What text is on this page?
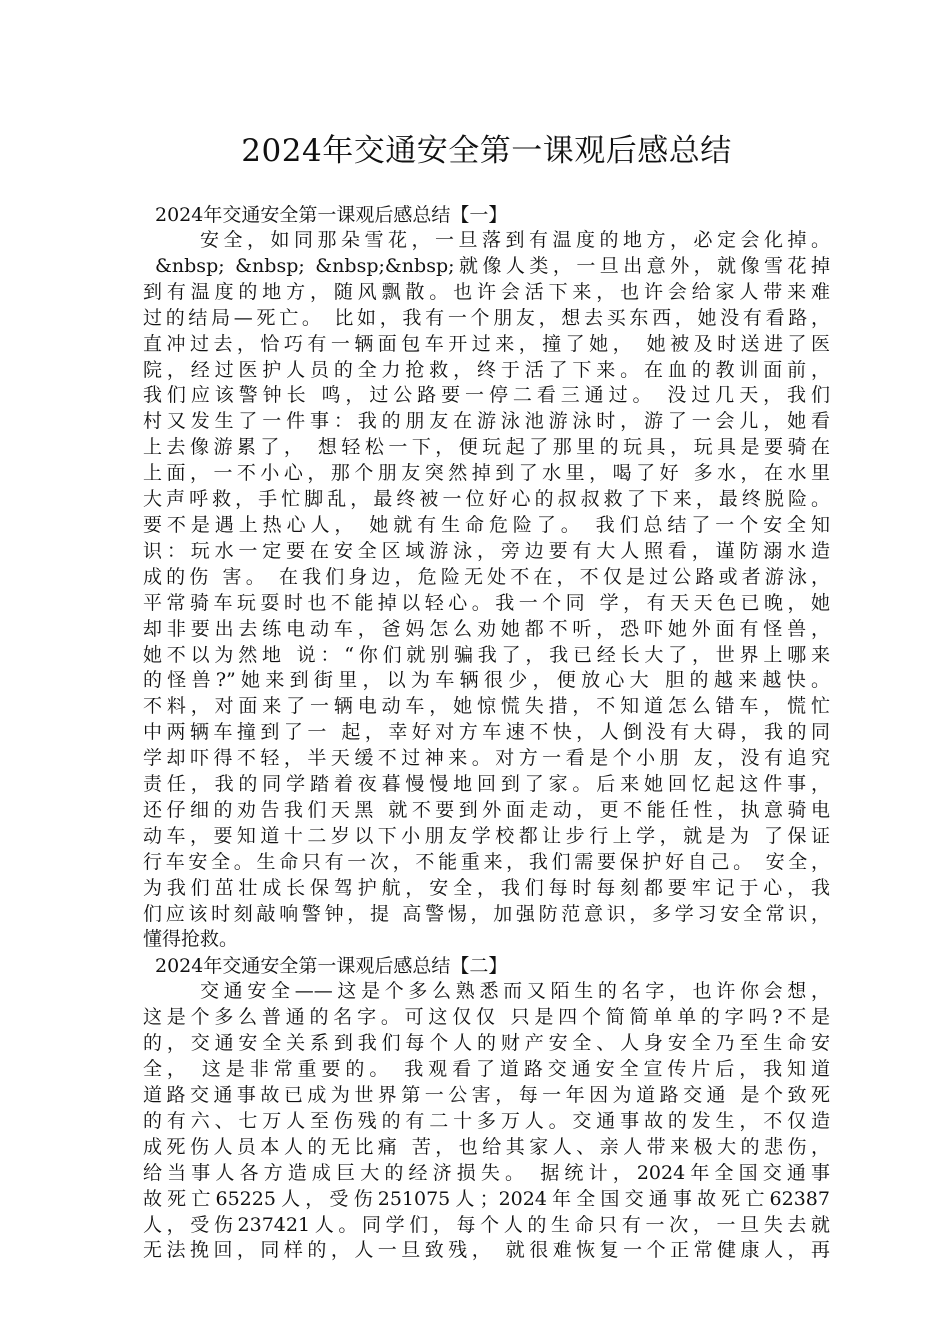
2024年交通安全第一课观后感总结
2024年交通安全第一课观后感总结【一】

安全，如同那朵雪花，一旦落到有温度的地方，必定会化掉。

&nbsp; &nbsp; &nbsp;&nbsp;就像人类，一旦出意外，就像雪花掉

到有温度的地方，随风飘散。也许会活下来，也许会给家人带来难

过的结局—死亡。 比如，我有一个朋友，想去买东西，她没有看路，

直冲过去，恰巧有一辆面包车开过来，撞了她， 她被及时送进了医

院，经过医护人员的全力抢救，终于活了下来。在血的教训面前，

我们应该警钟长 鸣，过公路要一停二看三通过。 没过几天，我们

村又发生了一件事：我的朋友在游泳池游泳时，游了一会儿，她看

上去像游累了， 想轻松一下，便玩起了那里的玩具，玩具是要骑在

上面，一不小心，那个朋友突然掉到了水里，喝了好 多水，在水里

大声呼救，手忙脚乱，最终被一位好心的叔叔救了下来，最终脱险。

要不是遇上热心人， 她就有生命危险了。 我们总结了一个安全知

识：玩水一定要在安全区域游泳，旁边要有大人照看，谨防溺水造

成的伤 害。 在我们身边，危险无处不在，不仅是过公路或者游泳，

平常骑车玩耍时也不能掉以轻心。我一个同 学，有天天色已晚，她

却非要出去练电动车，爸妈怎么劝她都不听，恐吓她外面有怪兽，

她不以为然地 说：“你们就别骗我了，我已经长大了，世界上哪来

的怪兽?”她来到街里，以为车辆很少，便放心大 胆的越来越快。

不料，对面来了一辆电动车，她惊慌失措，不知道怎么错车，慌忙

中两辆车撞到了一 起，幸好对方车速不快，人倒没有大碍，我的同

学却吓得不轻，半天缓不过神来。对方一看是个小朋 友，没有追究

责任，我的同学踏着夜暮慢慢地回到了家。后来她回忆起这件事，

还仔细的劝告我们天黑 就不要到外面走动，更不能任性，执意骑电

动车，要知道十二岁以下小朋友学校都让步行上学，就是为 了保证

行车安全。生命只有一次，不能重来，我们需要保护好自己。 安全，

为我们茁壮成长保驾护航，安全，我们每时每刻都要牢记于心，我

们应该时刻敲响警钟，提 高警惕，加强防范意识，多学习安全常识，

懂得抢救。

2024年交通安全第一课观后感总结【二】

交通安全——这是个多么熟悉而又陌生的名字，也许你会想，

这是个多么普通的名字。可这仅仅 只是四个简简单单的字吗?不是

的，交通安全关系到我们每个人的财产安全、人身安全乃至生命安

全， 这是非常重要的。 我观看了道路交通安全宣传片后，我知道

道路交通事故已成为世界第一公害，每一年因为道路交通 是个致死

的有六、七万人至伤残的有二十多万人。交通事故的发生，不仅造

成死伤人员本人的无比痛 苦，也给其家人、亲人带来极大的悲伤，

给当事人各方造成巨大的经济损失。 据统计，2024年全国交通事

故死亡65225人，受伤251075人；2024年全国交通事故死亡62387

人，受伤237421人。同学们，每个人的生命只有一次，一旦失去就

无法挽回，同样的，人一旦致残， 就很难恢复一个正常健康人，再
